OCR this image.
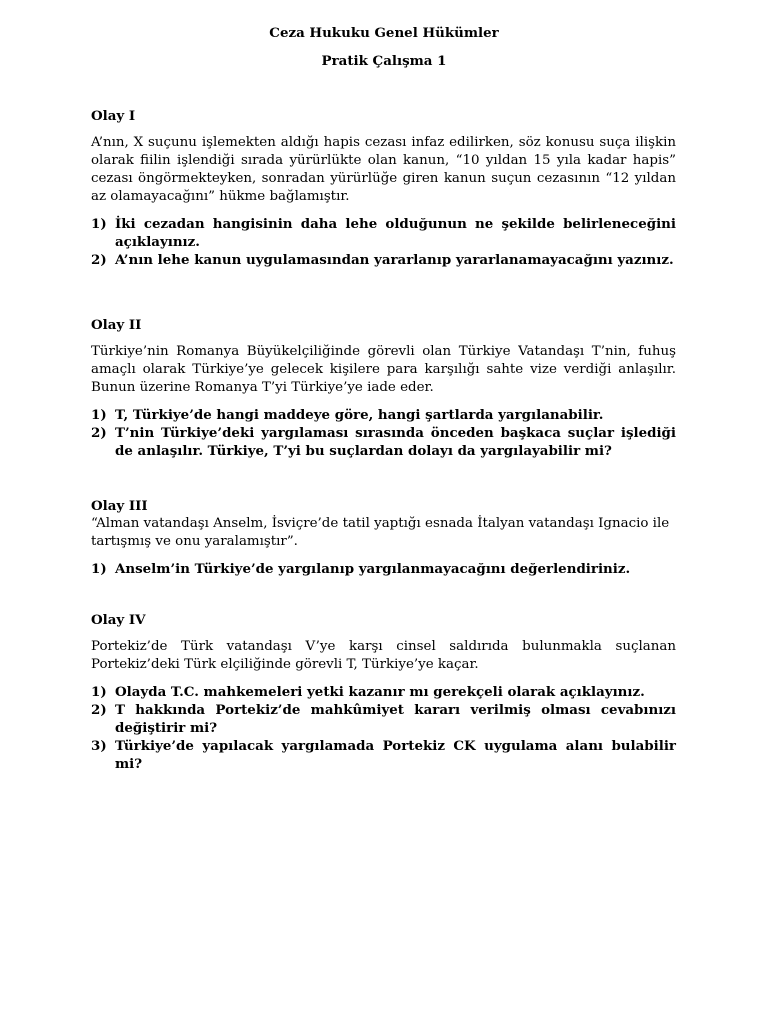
Ceza Hukuku Genel Hükümler
Pratik Çalışma 1

Olay I

A’nın, X suçunu işlemekten aldığı hapis cezası infaz edilirken, söz konusu suça ilişkin olarak fiilin işlendiği sırada yürürlükte olan kanun, “10 yıldan 15 yıla kadar hapis” cezası öngörmekteyken, sonradan yürürlüğe giren kanun suçun cezasının “12 yıldan az olamayacağını” hükme bağlamıştır.

1) İki cezadan hangisinin daha lehe olduğunun ne şekilde belirleneceğini açıklayınız.
2) A’nın lehe kanun uygulamasından yararlanıp yararlanamayacağını yazınız.

Olay II

Türkiye’nin Romanya Büyükelçiliğinde görevli olan Türkiye Vatandaşı T’nin, fuhuş amaçlı olarak Türkiye’ye gelecek kişilere para karşılığı sahte vize verdiği anlaşılır. Bunun üzerine Romanya T’yi Türkiye’ye iade eder.

1) T, Türkiye’de hangi maddeye göre, hangi şartlarda yargılanabilir.
2) T’nin Türkiye’deki yargılaması sırasında önceden başkaca suçlar işlediği de anlaşılır. Türkiye, T’yi bu suçlardan dolayı da yargılayabilir mi?

Olay III

“Alman vatandaşı Anselm, İsviçre’de tatil yaptığı esnada İtalyan vatandaşı Ignacio ile tartışmış ve onu yaralamıştır”.

1) Anselm’in Türkiye’de yargılanıp yargılanmayacağını değerlendiriniz.

Olay IV

Portekiz’de Türk vatandaşı V’ye karşı cinsel saldırıda bulunmakla suçlanan Portekiz’deki Türk elçiliğinde görevli T, Türkiye’ye kaçar.

1) Olayda T.C. mahkemeleri yetki kazanır mı gerekçeli olarak açıklayınız.
2) T hakkında Portekiz’de mahkûmiyet kararı verilmiş olması cevabınızı değiştirir mi?
3) Türkiye’de yapılacak yargılamada Portekiz CK uygulama alanı bulabilir mi?
